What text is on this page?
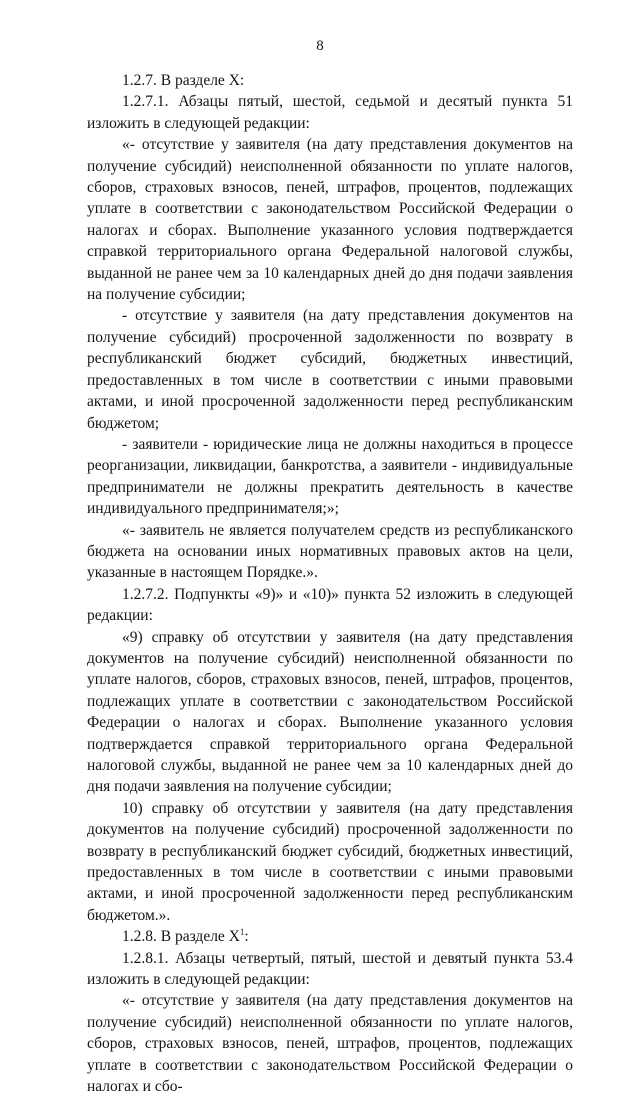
8

1.2.7. В разделе X:

1.2.7.1. Абзацы пятый, шестой, седьмой и десятый пункта 51 изложить в следующей редакции:

«- отсутствие у заявителя (на дату представления документов на получение субсидий) неисполненной обязанности по уплате налогов, сборов, страховых взносов, пеней, штрафов, процентов, подлежащих уплате в соответствии с законодательством Российской Федерации о налогах и сборах. Выполнение указанного условия подтверждается справкой территориального органа Федеральной налоговой службы, выданной не ранее чем за 10 календарных дней до дня подачи заявления на получение субсидии;

- отсутствие у заявителя (на дату представления документов на получение субсидий) просроченной задолженности по возврату в республиканский бюджет субсидий, бюджетных инвестиций, предоставленных в том числе в соответствии с иными правовыми актами, и иной просроченной задолженности перед республиканским бюджетом;

- заявители - юридические лица не должны находиться в процессе реорганизации, ликвидации, банкротства, а заявители - индивидуальные предприниматели не должны прекратить деятельность в качестве индивидуального предпринимателя;»;

«- заявитель не является получателем средств из республиканского бюджета на основании иных нормативных правовых актов на цели, указанные в настоящем Порядке.».

1.2.7.2. Подпункты «9)» и «10)» пункта 52 изложить в следующей редакции:

«9) справку об отсутствии у заявителя (на дату представления документов на получение субсидий) неисполненной обязанности по уплате налогов, сборов, страховых взносов, пеней, штрафов, процентов, подлежащих уплате в соответствии с законодательством Российской Федерации о налогах и сборах. Выполнение указанного условия подтверждается справкой территориального органа Федеральной налоговой службы, выданной не ранее чем за 10 календарных дней до дня подачи заявления на получение субсидии;

10) справку об отсутствии у заявителя (на дату представления документов на получение субсидий) просроченной задолженности по возврату в республиканский бюджет субсидий, бюджетных инвестиций, предоставленных в том числе в соответствии с иными правовыми актами, и иной просроченной задолженности перед республиканским бюджетом.».

1.2.8. В разделе $X^1$:

1.2.8.1. Абзацы четвертый, пятый, шестой и девятый пункта 53.4 изложить в следующей редакции:

«- отсутствие у заявителя (на дату представления документов на получение субсидий) неисполненной обязанности по уплате налогов, сборов, страховых взносов, пеней, штрафов, процентов, подлежащих уплате в соответствии с законодательством Российской Федерации о налогах и сбо-
